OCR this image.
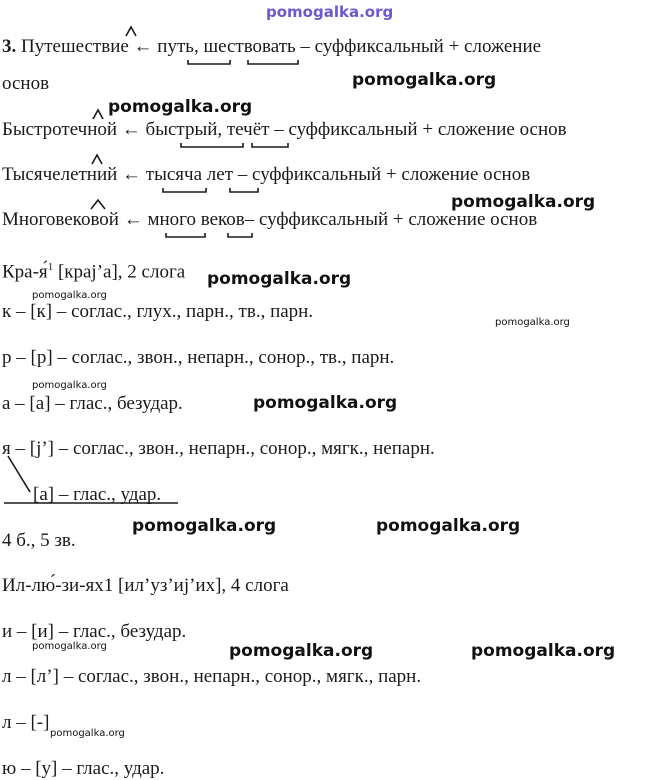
pomogalka.org
3. Путешествие ← путь, шествовать – суффиксальный + сложение
основ
Быстротечной ← быстрый, течёт – суффиксальный + сложение основ
Тысячелетний ← тысяча лет – суффиксальный + сложение основ
Многовековой ← много веков– суффиксальный + сложение основ
Кра-я́$^1$ [крај’а], 2 слога
к – [к] – соглас., глух., парн., тв., парн.
р – [р] – соглас., звон., непарн., сонор., тв., парн.
а – [а] – глас., безудар.
я – [j’] – соглас., звон., непарн., сонор., мягк., непарн.
[а] – глас., удар.
4 б., 5 зв.
Ил-лю́-зи-ях1 [ил’уз’иj’их], 4 слога
и – [и] – глас., безудар.
л – [л’] – соглас., звон., непарн., сонор., мягк., парн.
л – [-]
ю – [у] – глас., удар.
pomogalka.org
pomogalka.org
pomogalka.org
pomogalka.org
pomogalka.org
pomogalka.org	pomogalka.org
pomogalka.org	pomogalka.org
pomogalka.org
pomogalka.org
pomogalka.org
pomogalka.org
pomogalka.org
